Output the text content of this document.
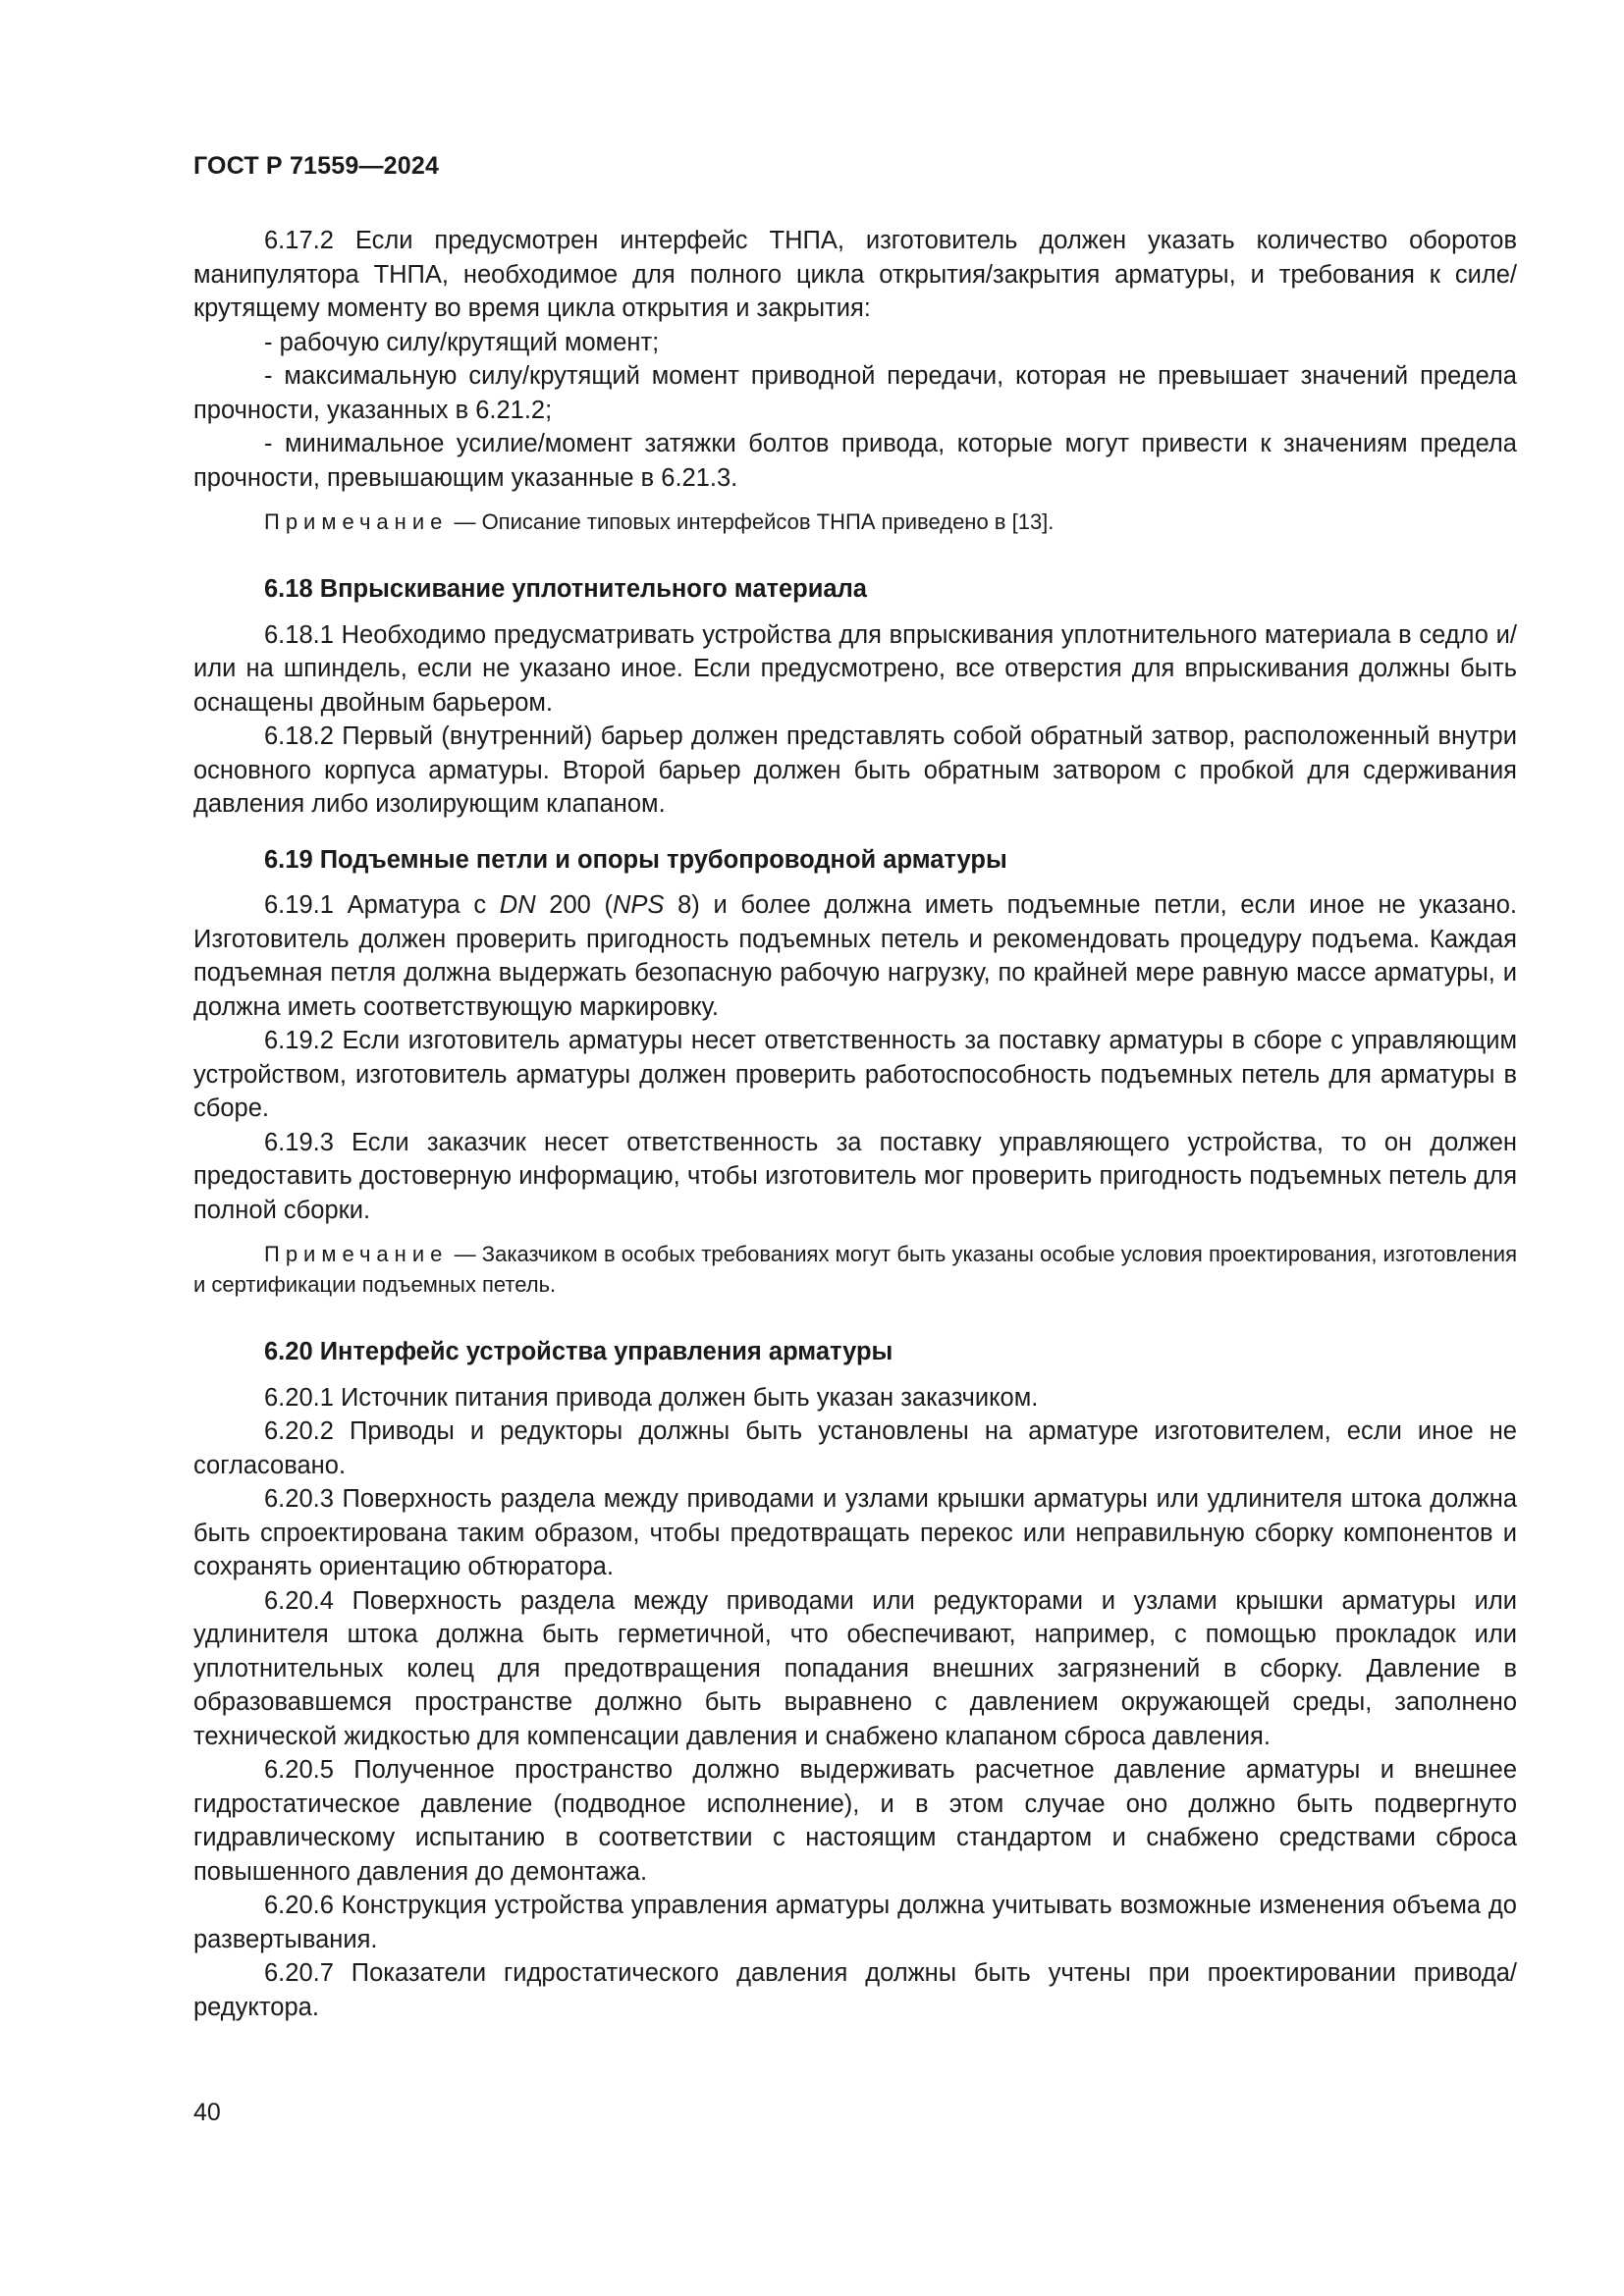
ГОСТ Р 71559—2024

6.17.2 Если предусмотрен интерфейс ТНПА, изготовитель должен указать количество оборотов манипулятора ТНПА, необходимое для полного цикла открытия/закрытия арматуры, и требования к силе/крутящему моменту во время цикла открытия и закрытия:

- рабочую силу/крутящий момент;

- максимальную силу/крутящий момент приводной передачи, которая не превышает значений предела прочности, указанных в 6.21.2;

- минимальное усилие/момент затяжки болтов привода, которые могут привести к значениям предела прочности, превышающим указанные в 6.21.3.

Примечание — Описание типовых интерфейсов ТНПА приведено в [13].
6.18 Впрыскивание уплотнительного материала

6.18.1 Необходимо предусматривать устройства для впрыскивания уплотнительного материала в седло и/или на шпиндель, если не указано иное. Если предусмотрено, все отверстия для впрыскивания должны быть оснащены двойным барьером.

6.18.2 Первый (внутренний) барьер должен представлять собой обратный затвор, расположенный внутри основного корпуса арматуры. Второй барьер должен быть обратным затвором с пробкой для сдерживания давления либо изолирующим клапаном.

6.19 Подъемные петли и опоры трубопроводной арматуры

6.19.1 Арматура с DN 200 (NPS 8) и более должна иметь подъемные петли, если иное не указано. Изготовитель должен проверить пригодность подъемных петель и рекомендовать процедуру подъема. Каждая подъемная петля должна выдержать безопасную рабочую нагрузку, по крайней мере равную массе арматуры, и должна иметь соответствующую маркировку.

6.19.2 Если изготовитель арматуры несет ответственность за поставку арматуры в сборе с управляющим устройством, изготовитель арматуры должен проверить работоспособность подъемных петель для арматуры в сборе.

6.19.3 Если заказчик несет ответственность за поставку управляющего устройства, то он должен предоставить достоверную информацию, чтобы изготовитель мог проверить пригодность подъемных петель для полной сборки.

Примечание — Заказчиком в особых требованиях могут быть указаны особые условия проектирования, изготовления и сертификации подъемных петель.
6.20 Интерфейс устройства управления арматуры

6.20.1 Источник питания привода должен быть указан заказчиком.

6.20.2 Приводы и редукторы должны быть установлены на арматуре изготовителем, если иное не согласовано.

6.20.3 Поверхность раздела между приводами и узлами крышки арматуры или удлинителя штока должна быть спроектирована таким образом, чтобы предотвращать перекос или неправильную сборку компонентов и сохранять ориентацию обтюратора.

6.20.4 Поверхность раздела между приводами или редукторами и узлами крышки арматуры или удлинителя штока должна быть герметичной, что обеспечивают, например, с помощью прокладок или уплотнительных колец для предотвращения попадания внешних загрязнений в сборку. Давление в образовавшемся пространстве должно быть выравнено с давлением окружающей среды, заполнено технической жидкостью для компенсации давления и снабжено клапаном сброса давления.

6.20.5 Полученное пространство должно выдерживать расчетное давление арматуры и внешнее гидростатическое давление (подводное исполнение), и в этом случае оно должно быть подвергнуто гидравлическому испытанию в соответствии с настоящим стандартом и снабжено средствами сброса повышенного давления до демонтажа.

6.20.6 Конструкция устройства управления арматуры должна учитывать возможные изменения объема до развертывания.

6.20.7 Показатели гидростатического давления должны быть учтены при проектировании привода/редуктора.

40
